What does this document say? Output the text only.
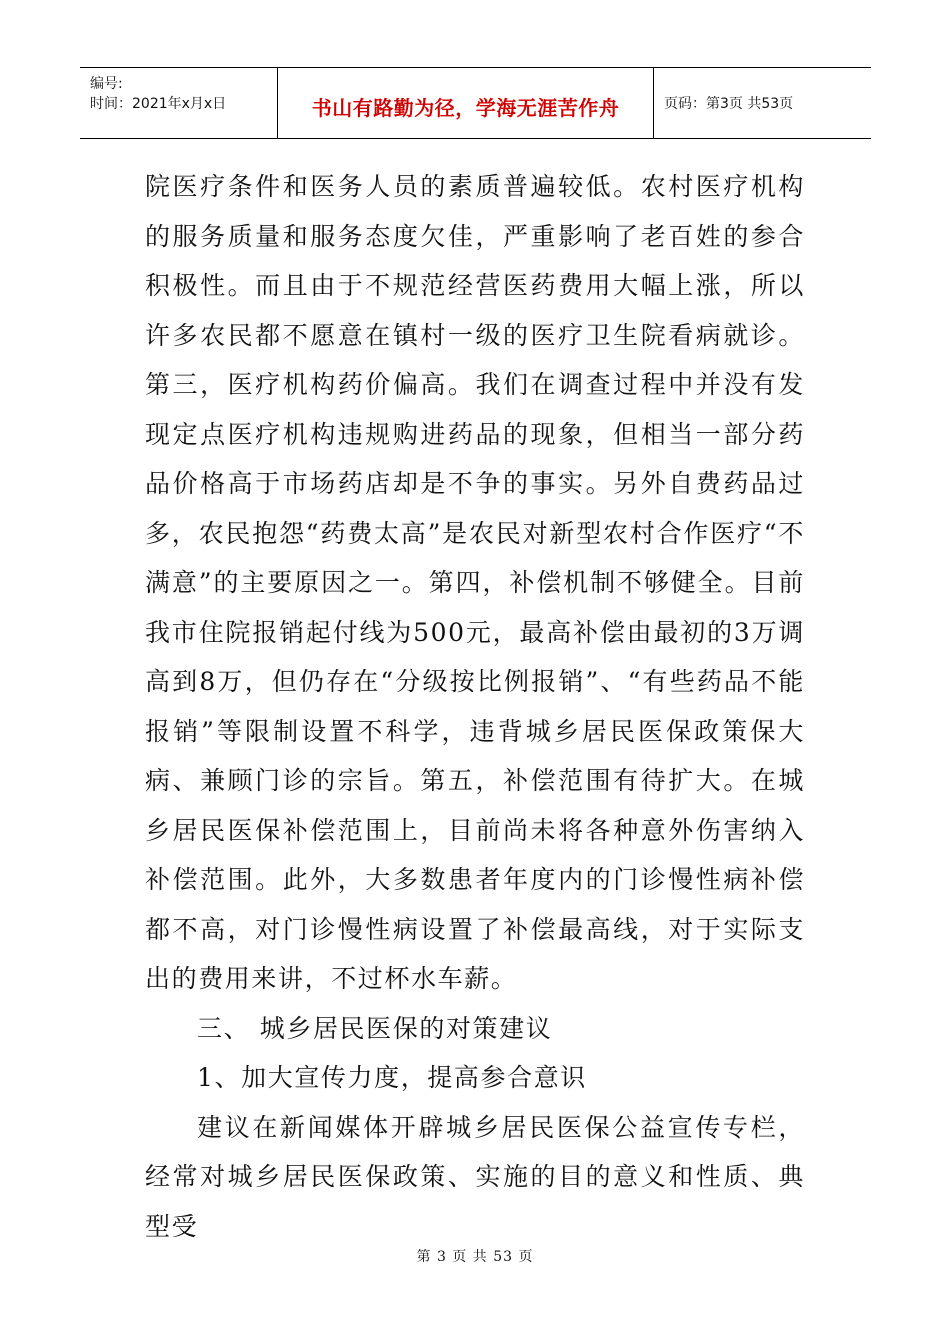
编号:
时间：2021年x月x日	书山有路勤为径，学海无涯苦作舟	页码：第3页 共53页

院医疗条件和医务人员的素质普遍较低。农村医疗机构的服务质量和服务态度欠佳，严重影响了老百姓的参合积极性。而且由于不规范经营医药费用大幅上涨，所以许多农民都不愿意在镇村一级的医疗卫生院看病就诊。第三，医疗机构药价偏高。我们在调查过程中并没有发现定点医疗机构违规购进药品的现象，但相当一部分药品价格高于市场药店却是不争的事实。另外自费药品过多，农民抱怨“药费太高”是农民对新型农村合作医疗“不满意”的主要原因之一。第四，补偿机制不够健全。目前我市住院报销起付线为500元，最高补偿由最初的3万调高到8万，但仍存在“分级按比例报销”、“有些药品不能报销”等限制设置不科学，违背城乡居民医保政策保大病、兼顾门诊的宗旨。第五，补偿范围有待扩大。在城乡居民医保补偿范围上，目前尚未将各种意外伤害纳入补偿范围。此外，大多数患者年度内的门诊慢性病补偿都不高，对门诊慢性病设置了补偿最高线，对于实际支出的费用来讲，不过杯水车薪。

三、 城乡居民医保的对策建议

1、加大宣传力度，提高参合意识

建议在新闻媒体开辟城乡居民医保公益宣传专栏，经常对城乡居民医保政策、实施的目的意义和性质、典型受

第 3 页 共 53 页
